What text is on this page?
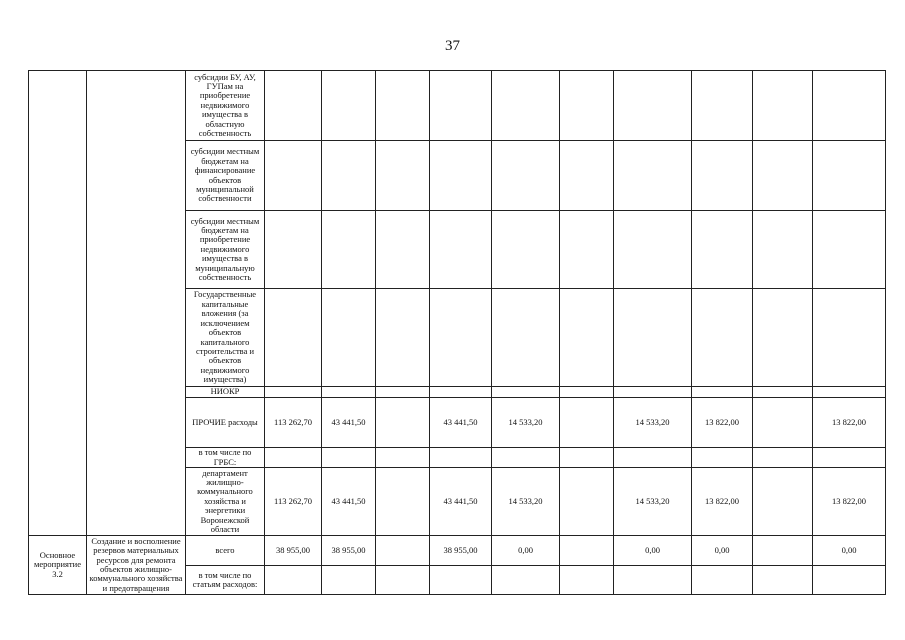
37
		субсидии БУ, АУ, ГУПам на приобретение недвижимого имущества в областную собственность										
		субсидии местным бюджетам на финансирование объектов муниципальной собственности										
		субсидии местным бюджетам на приобретение недвижимого имущества в муниципальную собственность										
		Государственные капитальные вложения (за исключением объектов капитального строительства и объектов недвижимого имущества)										
		НИОКР										
		ПРОЧИЕ расходы	113 262,70	43 441,50		43 441,50	14 533,20		14 533,20	13 822,00		13 822,00
		в том числе по ГРБС:										
		департамент жилищно-коммунального хозяйства и энергетики Воронежской области	113 262,70	43 441,50		43 441,50	14 533,20		14 533,20	13 822,00		13 822,00
Основное мероприятие 3.2	Создание и восполнение резервов материальных ресурсов для ремонта объектов жилищно-коммунального хозяйства и предотвращения	всего	38 955,00	38 955,00		38 955,00	0,00		0,00	0,00		0,00
		в том числе по статьям расходов:										
